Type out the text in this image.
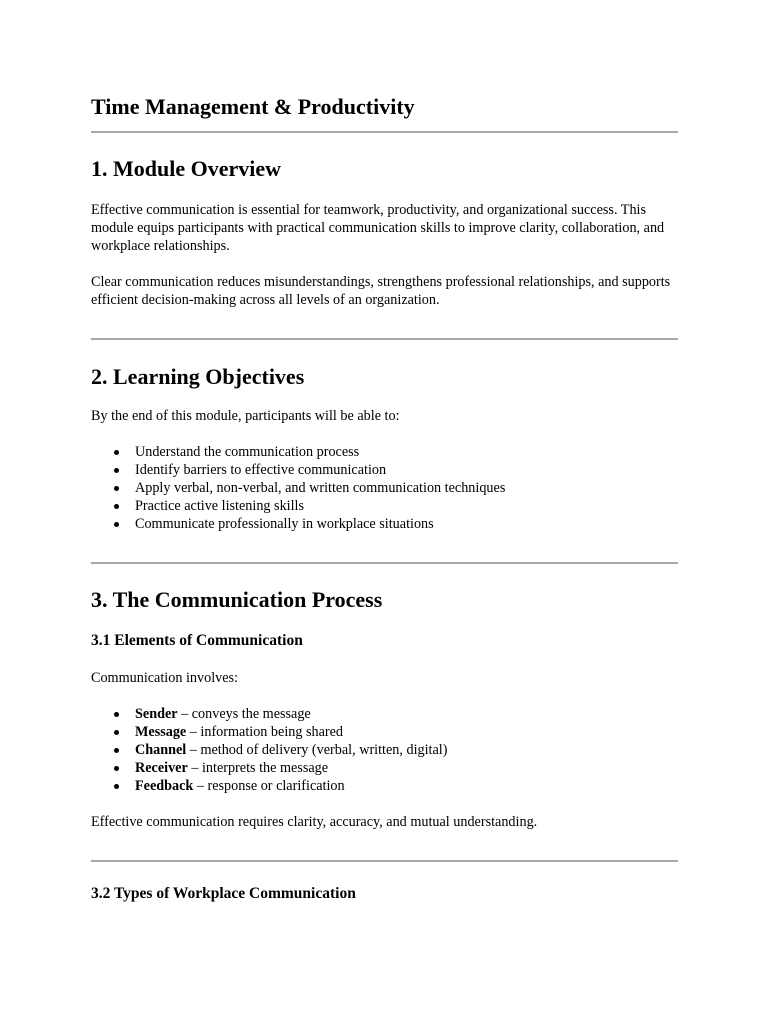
Time Management & Productivity
1. Module Overview

Effective communication is essential for teamwork, productivity, and organizational success. This module equips participants with practical communication skills to improve clarity, collaboration, and workplace relationships.

Clear communication reduces misunderstandings, strengthens professional relationships, and supports efficient decision-making across all levels of an organization.

2. Learning Objectives

By the end of this module, participants will be able to:

Understand the communication process
Identify barriers to effective communication
Apply verbal, non-verbal, and written communication techniques
Practice active listening skills
Communicate professionally in workplace situations
3. The Communication Process
3.1 Elements of Communication

Communication involves:

Sender – conveys the message
Message – information being shared
Channel – method of delivery (verbal, written, digital)
Receiver – interprets the message
Feedback – response or clarification

Effective communication requires clarity, accuracy, and mutual understanding.

3.2 Types of Workplace Communication
